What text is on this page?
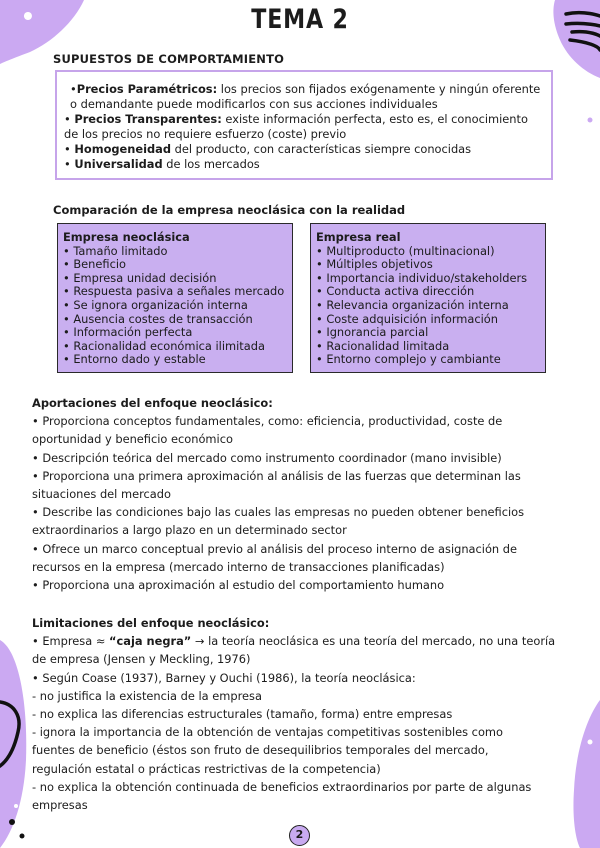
TEMA 2
SUPUESTOS DE COMPORTAMIENTO
•Precios Paramétricos: los precios son fijados exógenamente y ningún oferente o demandante puede modificarlos con sus acciones individuales
• Precios Transparentes: existe información perfecta, esto es, el conocimiento de los precios no requiere esfuerzo (coste) previo
• Homogeneidad del producto, con características siempre conocidas
• Universalidad de los mercados
Comparación de la empresa neoclásica con la realidad
Empresa neoclásica
• Tamaño limitado
• Beneficio
• Empresa unidad decisión
• Respuesta pasiva a señales mercado
• Se ignora organización interna
• Ausencia costes de transacción
• Información perfecta
• Racionalidad económica ilimitada
• Entorno dado y estable
Empresa real
• Multiproducto (multinacional)
• Múltiples objetivos
• Importancia individuo/stakeholders
• Conducta activa dirección
• Relevancia organización interna
• Coste adquisición información
• Ignorancia parcial
• Racionalidad limitada
• Entorno complejo y cambiante
Aportaciones del enfoque neoclásico:
• Proporciona conceptos fundamentales, como: eficiencia, productividad, coste de
oportunidad y beneficio económico
• Descripción teórica del mercado como instrumento coordinador (mano invisible)
• Proporciona una primera aproximación al análisis de las fuerzas que determinan las
situaciones del mercado
• Describe las condiciones bajo las cuales las empresas no pueden obtener beneficios
extraordinarios a largo plazo en un determinado sector
• Ofrece un marco conceptual previo al análisis del proceso interno de asignación de
recursos en la empresa (mercado interno de transacciones planificadas)
• Proporciona una aproximación al estudio del comportamiento humano
Limitaciones del enfoque neoclásico:
• Empresa ≈ “caja negra” → la teoría neoclásica es una teoría del mercado, no una teoría
de empresa (Jensen y Meckling, 1976)
• Según Coase (1937), Barney y Ouchi (1986), la teoría neoclásica:
- no justifica la existencia de la empresa
- no explica las diferencias estructurales (tamaño, forma) entre empresas
- ignora la importancia de la obtención de ventajas competitivas sostenibles como
fuentes de beneficio (éstos son fruto de desequilibrios temporales del mercado,
regulación estatal o prácticas restrictivas de la competencia)
- no explica la obtención continuada de beneficios extraordinarios por parte de algunas
empresas
2
